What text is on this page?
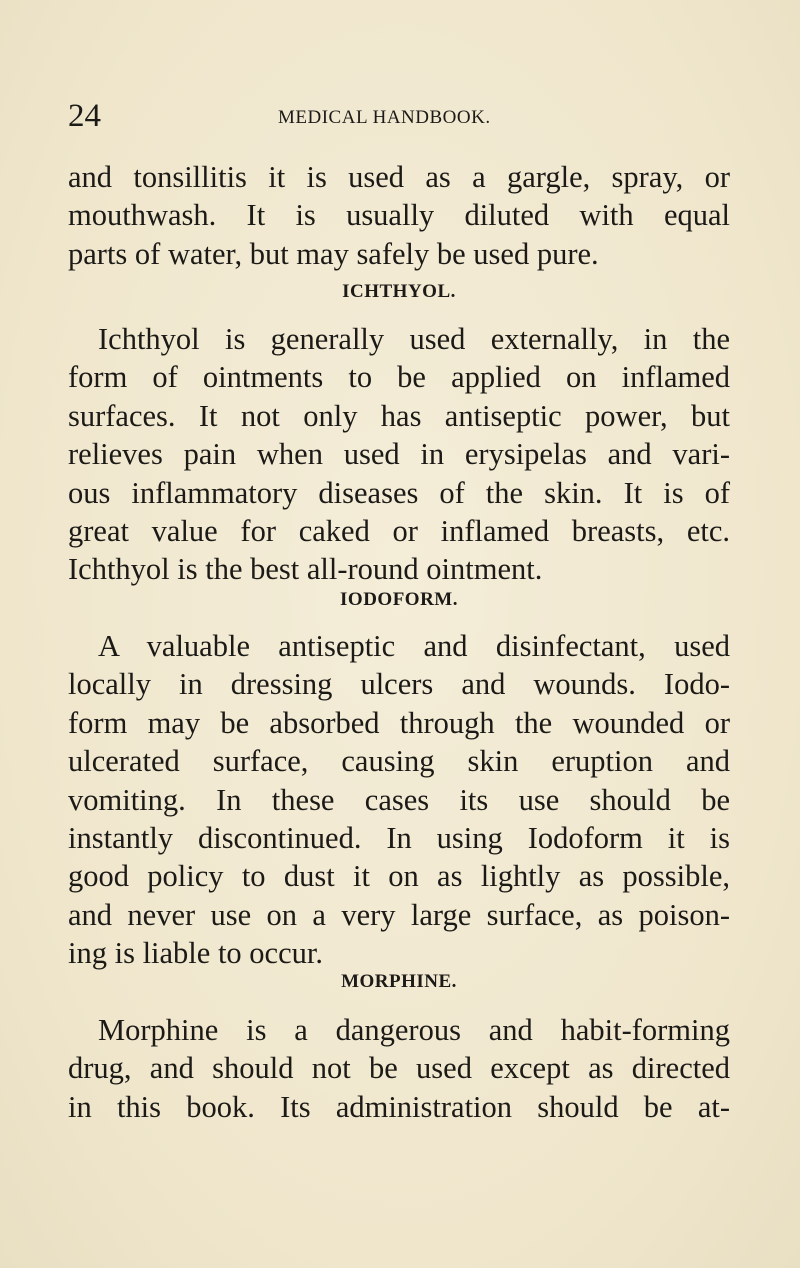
24	MEDICAL HANDBOOK.

and tonsillitis it is used as a gargle, spray, or
mouthwash. It is usually diluted with equal
parts of water, but may safely be used pure.

ICHTHYOL.

Ichthyol is generally used externally, in the
form of ointments to be applied on inflamed
surfaces. It not only has antiseptic power, but
relieves pain when used in erysipelas and vari-
ous inflammatory diseases of the skin. It is of
great value for caked or inflamed breasts, etc.
Ichthyol is the best all-round ointment.

IODOFORM.

A valuable antiseptic and disinfectant, used
locally in dressing ulcers and wounds. Iodo-
form may be absorbed through the wounded or
ulcerated surface, causing skin eruption and
vomiting. In these cases its use should be
instantly discontinued. In using Iodoform it is
good policy to dust it on as lightly as possible,
and never use on a very large surface, as poison-
ing is liable to occur.

MORPHINE.

Morphine is a dangerous and habit-forming
drug, and should not be used except as directed
in this book. Its administration should be at-
